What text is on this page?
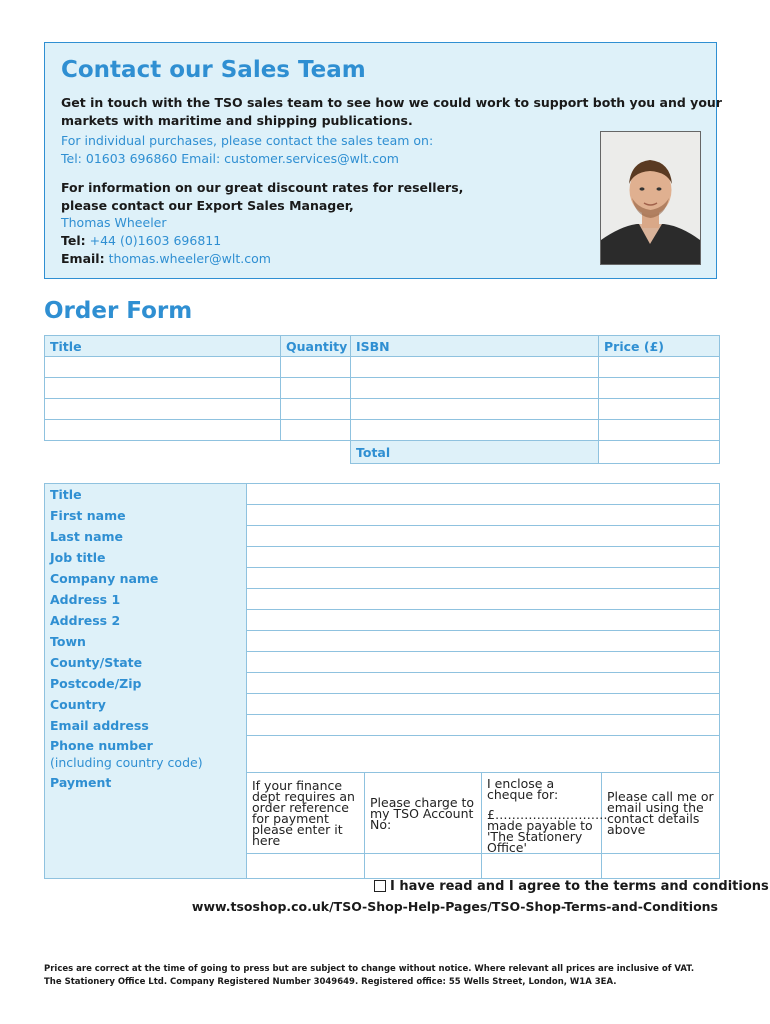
Contact our Sales Team
Get in touch with the TSO sales team to see how we could work to support both you and your
markets with maritime and shipping publications.
For individual purchases, please contact the sales team on:
Tel: 01603 696860 Email: customer.services@wlt.com
For information on our great discount rates for resellers,
please contact our Export Sales Manager,
Thomas Wheeler
Tel: +44 (0)1603 696811
Email: thomas.wheeler@wlt.com
Order Form
Title	Quantity	ISBN	Price (£)

		Total	
Title				
First name				
Last name				
Job title				
Company name				
Address 1				
Address 2				
Town				
County/State				
Postcode/Zip				
Country				
Email address				

Phone number
(including country code)				

Payment	If your finance dept requires an order reference for payment please enter it here	Please charge to my TSO Account No:	I enclose a cheque for:
£………………………
made payable to 'The Stationery Office'	Please call me or email using the contact details above

I have read and I agree to the terms and conditions
www.tsoshop.co.uk/TSO-Shop-Help-Pages/TSO-Shop-Terms-and-Conditions
Prices are correct at the time of going to press but are subject to change without notice. Where relevant all prices are inclusive of VAT.
The Stationery Office Ltd. Company Registered Number 3049649. Registered office: 55 Wells Street, London, W1A 3EA.
